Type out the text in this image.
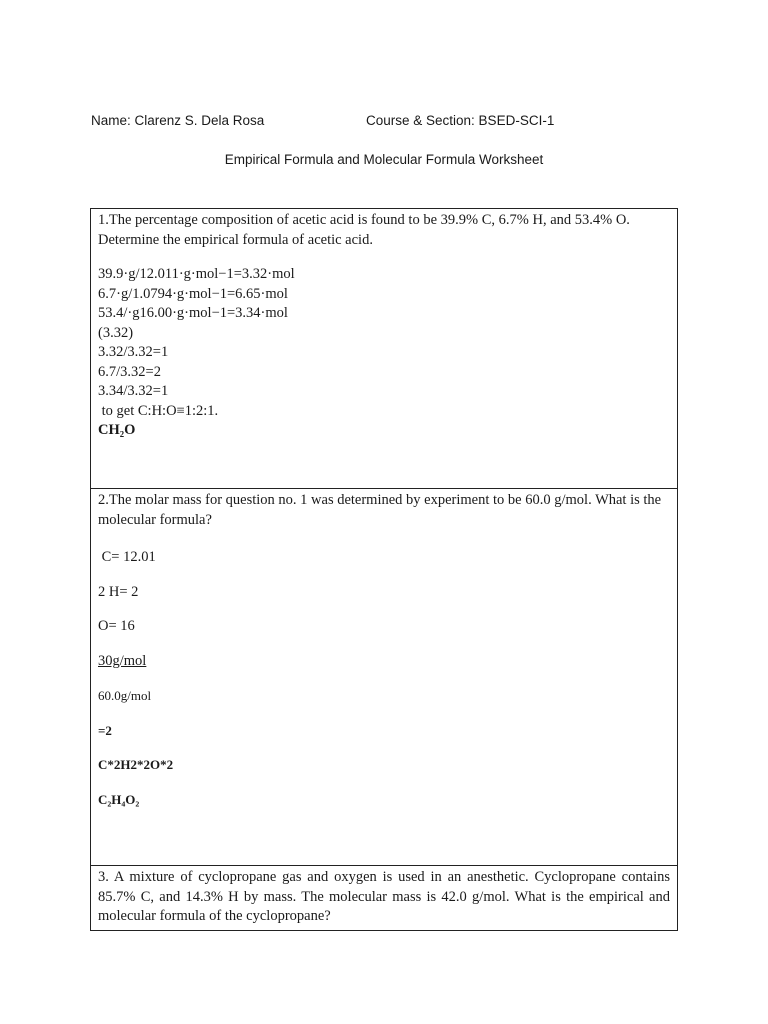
Name: Clarenz S. Dela Rosa	Course & Section: BSED-SCI-1
Empirical Formula and Molecular Formula Worksheet

1.The percentage composition of acetic acid is found to be 39.9% C, 6.7% H, and 53.4% O. Determine the empirical formula of acetic acid.

39.9·g/12.011·g·mol−1=3.32·mol

6.7·g/1.0794·g·mol−1=6.65·mol

53.4/·g16.00·g·mol−1=3.34·mol

(3.32)

3.32/3.32=1

6.7/3.32=2

3.34/3.32=1

to get C:H:O≡1:2:1.

CH₂O

2.The molar mass for question no. 1 was determined by experiment to be 60.0 g/mol. What is the molecular formula?

C= 12.01

2 H= 2

O= 16

30g/mol

60.0g/mol

=2

C*2H2*2O*2

C₂H₄O₂

3. A mixture of cyclopropane gas and oxygen is used in an anesthetic. Cyclopropane contains 85.7% C, and 14.3% H by mass. The molecular mass is 42.0 g/mol. What is the empirical and molecular formula of the cyclopropane?
